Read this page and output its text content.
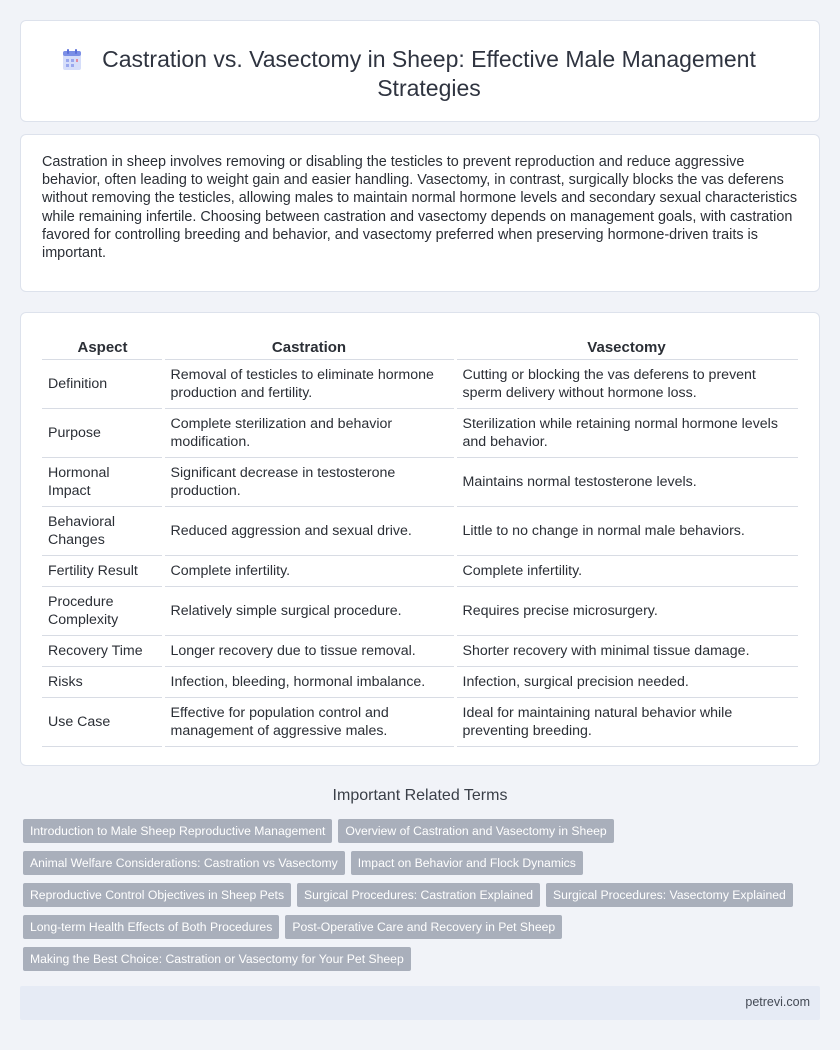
Castration vs. Vasectomy in Sheep: Effective Male Management Strategies

Castration in sheep involves removing or disabling the testicles to prevent reproduction and reduce aggressive behavior, often leading to weight gain and easier handling. Vasectomy, in contrast, surgically blocks the vas deferens without removing the testicles, allowing males to maintain normal hormone levels and secondary sexual characteristics while remaining infertile. Choosing between castration and vasectomy depends on management goals, with castration favored for controlling breeding and behavior, and vasectomy preferred when preserving hormone-driven traits is important.

Aspect	Castration	Vasectomy
Definition	Removal of testicles to eliminate hormone production and fertility.	Cutting or blocking the vas deferens to prevent sperm delivery without hormone loss.
Purpose	Complete sterilization and behavior modification.	Sterilization while retaining normal hormone levels and behavior.
Hormonal Impact	Significant decrease in testosterone production.	Maintains normal testosterone levels.
Behavioral Changes	Reduced aggression and sexual drive.	Little to no change in normal male behaviors.
Fertility Result	Complete infertility.	Complete infertility.
Procedure Complexity	Relatively simple surgical procedure.	Requires precise microsurgery.
Recovery Time	Longer recovery due to tissue removal.	Shorter recovery with minimal tissue damage.
Risks	Infection, bleeding, hormonal imbalance.	Infection, surgical precision needed.
Use Case	Effective for population control and management of aggressive males.	Ideal for maintaining natural behavior while preventing breeding.
Important Related Terms
Introduction to Male Sheep Reproductive Management Overview of Castration and Vasectomy in Sheep
Animal Welfare Considerations: Castration vs Vasectomy Impact on Behavior and Flock Dynamics
Reproductive Control Objectives in Sheep Pets Surgical Procedures: Castration Explained Surgical Procedures: Vasectomy Explained
Long-term Health Effects of Both Procedures Post-Operative Care and Recovery in Pet Sheep
Making the Best Choice: Castration or Vasectomy for Your Pet Sheep
petrevi.com
